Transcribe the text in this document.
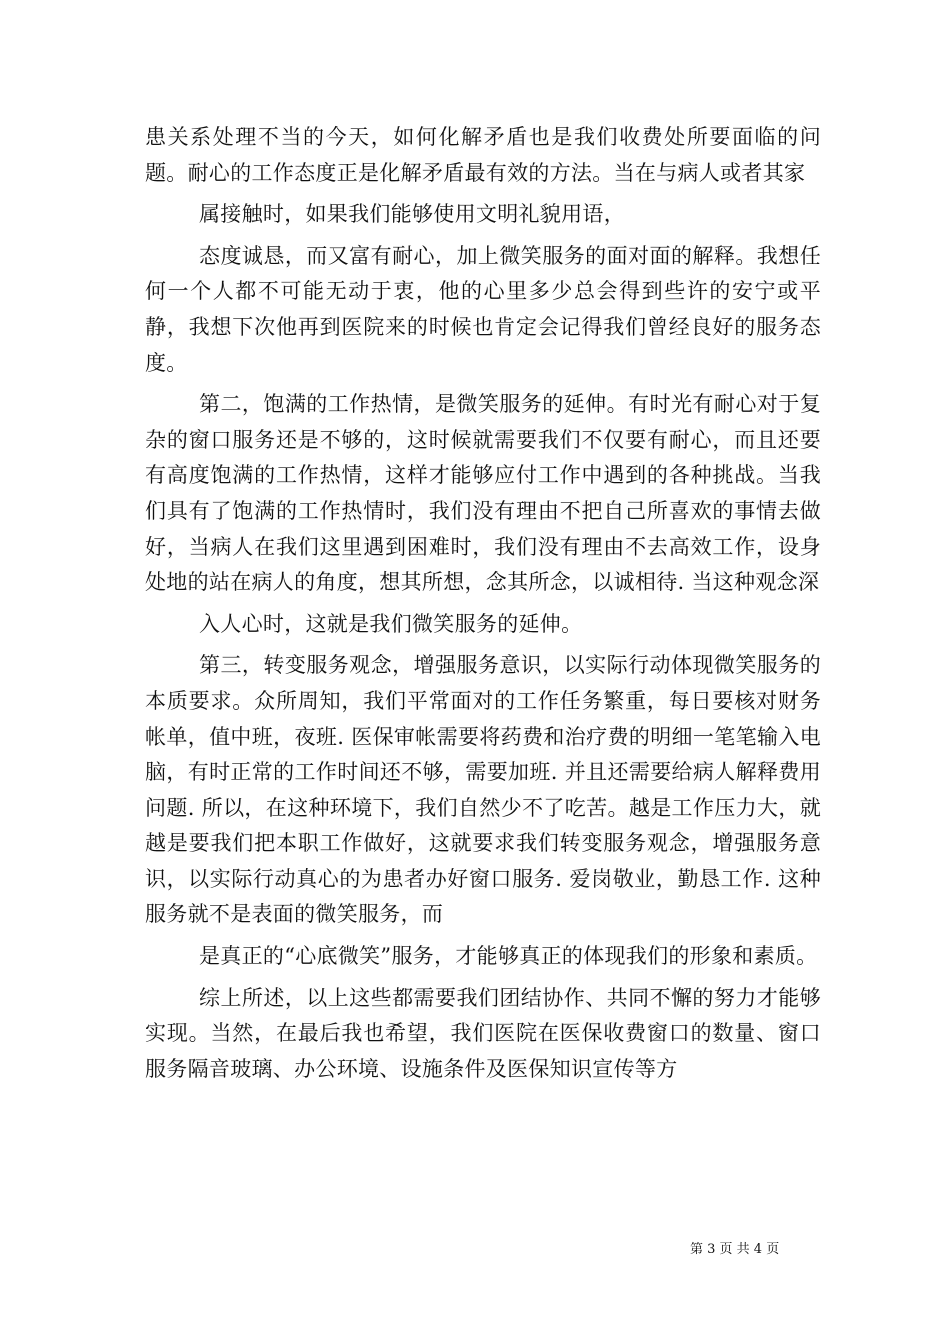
患关系处理不当的今天，如何化解矛盾也是我们收费处所要面临的问题。耐心的工作态度正是化解矛盾最有效的方法。当在与病人或者其家

属接触时，如果我们能够使用文明礼貌用语，

态度诚恳，而又富有耐心，加上微笑服务的面对面的解释。我想任何一个人都不可能无动于衷，他的心里多少总会得到些许的安宁或平静，我想下次他再到医院来的时候也肯定会记得我们曾经良好的服务态度。

第二，饱满的工作热情，是微笑服务的延伸。有时光有耐心对于复杂的窗口服务还是不够的，这时候就需要我们不仅要有耐心，而且还要有高度饱满的工作热情，这样才能够应付工作中遇到的各种挑战。当我们具有了饱满的工作热情时，我们没有理由不把自己所喜欢的事情去做好，当病人在我们这里遇到困难时，我们没有理由不去高效工作，设身处地的站在病人的角度，想其所想，念其所念，以诚相待. 当这种观念深

入人心时，这就是我们微笑服务的延伸。

第三，转变服务观念，增强服务意识，以实际行动体现微笑服务的本质要求。众所周知，我们平常面对的工作任务繁重，每日要核对财务帐单，值中班，夜班. 医保审帐需要将药费和治疗费的明细一笔笔输入电脑，有时正常的工作时间还不够，需要加班. 并且还需要给病人解释费用问题. 所以，在这种环境下，我们自然少不了吃苦。越是工作压力大，就越是要我们把本职工作做好，这就要求我们转变服务观念，增强服务意识，以实际行动真心的为患者办好窗口服务. 爱岗敬业，勤恳工作. 这种服务就不是表面的微笑服务，而

是真正的“心底微笑”服务，才能够真正的体现我们的形象和素质。

综上所述，以上这些都需要我们团结协作、共同不懈的努力才能够实现。当然，在最后我也希望，我们医院在医保收费窗口的数量、窗口服务隔音玻璃、办公环境、设施条件及医保知识宣传等方

第 3 页 共 4 页
